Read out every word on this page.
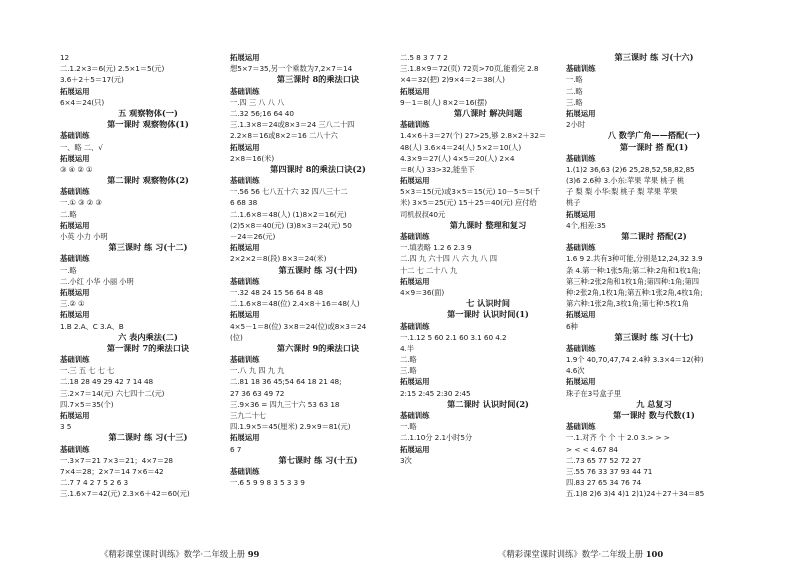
12
二.1.2×3＝6(元) 2.5×1＝5(元)
3.6＋2＋5＝17(元)
拓展运用
6×4＝24(只)
五 观察物体(一)
第一课时 观察物体(1)
基础训练
一、略 二、√
拓展运用
③ ④ ② ①
第二课时 观察物体(2)
基础训练
一.① ③ ② ③
二.略
拓展运用
小英 小力 小明
第三课时 练 习(十二)
基础训练
一.略
二.小红 小华 小丽 小明
拓展运用
三.② ①
拓展运用
1.B 2.A、C 3.A、B
六 表内乘法(二)
第一课时 7的乘法口诀
基础训练
一.三 五 七 七 七
二.18 28 49 29 42 7 14 48
三.2×7＝14(元) 六七四十二(元)
四.7×5＝35(个)
拓展运用
3 5
第二课时 练 习(十三)
基础训练
一.3×7＝21 7×3＝21；4×7＝28
7×4＝28；2×7＝14 7×6＝42
二.7 7 4 2 7 5 2 6 3
三.1.6×7＝42(元) 2.3×6＋42＝60(元)
拓展运用
想5×7＝35,另一个乘数为7,2×7＝14
第三课时 8的乘法口诀
基础训练
一.四 三 八 八 八
二.32 56;16 64 40
三.1.3×8＝24或8×3＝24 三八二十四
2.2×8＝16或8×2＝16 二八十六
拓展运用
2×8＝16(米)
第四课时 8的乘法口诀(2)
基础训练
一.56 56 七八五十六 32 四八三十二
6 68 38
二.1.6×8＝48(人) (1)8×2＝16(元)
(2)5×8＝40(元) (3)8×3＝24(元) 50
－24＝26(元)
拓展运用
2×2×2＝8(段) 8×3＝24(米)
第五课时 练 习(十四)
基础训练
一.32 48 24 15 56 64 8 48
二.1.6×8＝48(位) 2.4×8＋16＝48(人)
拓展运用
4×5－1＝8(位) 3×8＝24(位)或8×3＝24
(位)
第六课时 9的乘法口诀
基础训练
一.八 九 四 九 九
二.81 18 36 45;54 64 18 21 48;
27 36 63 49 72
三.9×36 = 四九三十六 53 63 18
三九二十七
四.1.9×5＝45(厘米) 2.9×9＝81(元)
拓展运用
6 7
第七课时 练 习(十五)
基础训练
一.6 5 9 9 8 3 5 3 3 9
二.5 8 3 7 7 2
三.1.8×9＝72(页) 72页>70页,能看完 2.8
×4＝32(把) 2)9×4＝2＝38(人)
拓展运用
9－1＝8(人) 8×2＝16(摆)
第八课时 解决问题
基础训练
1.4×6＋3＝27(个) 27>25,够 2.8×2＋32＝
48(人) 3.6×4＝24(人) 5×2＝10(人)
4.3×9＝27(人) 4×5＝20(人) 2×4
＝8(人) 33>32,能坐下
拓展运用
5×3＝15(元)或3×5＝15(元) 10－5＝5(千
米) 3×5＝25(元) 15＋25＝40(元) 应付给
司机叔叔40元
第九课时 整理和复习
基础训练
一.填表略 1.2 6 2.3 9
二.四 九 六十四 八 六 九 八 四
十二 七 二十八 九
拓展运用
4×9＝36(面)
七 认识时间
第一课时 认识时间(1)
基础训练
一.1.12 5 60 2.1 60 3.1 60 4.2
4.半
二.略
三.略
拓展运用
2:15 2:45 2:30 2:45
第二课时 认识时间(2)
基础训练
一.略
二.1.10分 2.1小时5分
拓展运用
3次
第三课时 练 习(十六)
基础训练
一.略
二.略
三.略
拓展运用
2小时
八 数学广角——搭配(一)
第一课时 搭 配(1)
基础训练
1.(1)2 36,63 (2)6 25,28,52,58,82,85
(3)6 2.6种 3.小东:苹果 苹果 桃子 桃
子 梨 梨 小华:梨 桃子 梨 苹果 苹果
桃子
拓展运用
4个,相差:35
第二课时 搭配(2)
基础训练
1.6 9 2.共有3种可能,分别是12,24,32 3.9
条 4.第一种:1张5角;第二种:2角和1枚1角;
第三种:2张2角和1枚1角;第四种:1角;第四
种:2张2角,1枚1角;第五种:1张2角,4枚1角;
第六种:1张2角,3枚1角;第七种:5枚1角
拓展运用
6种
第三课时 练 习(十七)
基础训练
1.9个 40,70,47,74 2.4种 3.3×4＝12(种)
4.6次
拓展运用
珠子在3号盒子里
九 总复习
第一课时 数与代数(1)
基础训练
一.1.对齐 个 个 十 2.0 3.> > >
> < < 4.67 84
二.73 65 77 52 72 27
三.55 76 33 37 93 44 71
四.83 27 65 34 76 74
五.1)8 2)6 3)4 4)1 2)1)24＋27＋34＝85
《精彩课堂课时训练》数学·二年级上册 99	《精彩课堂课时训练》数学·二年级上册 100
